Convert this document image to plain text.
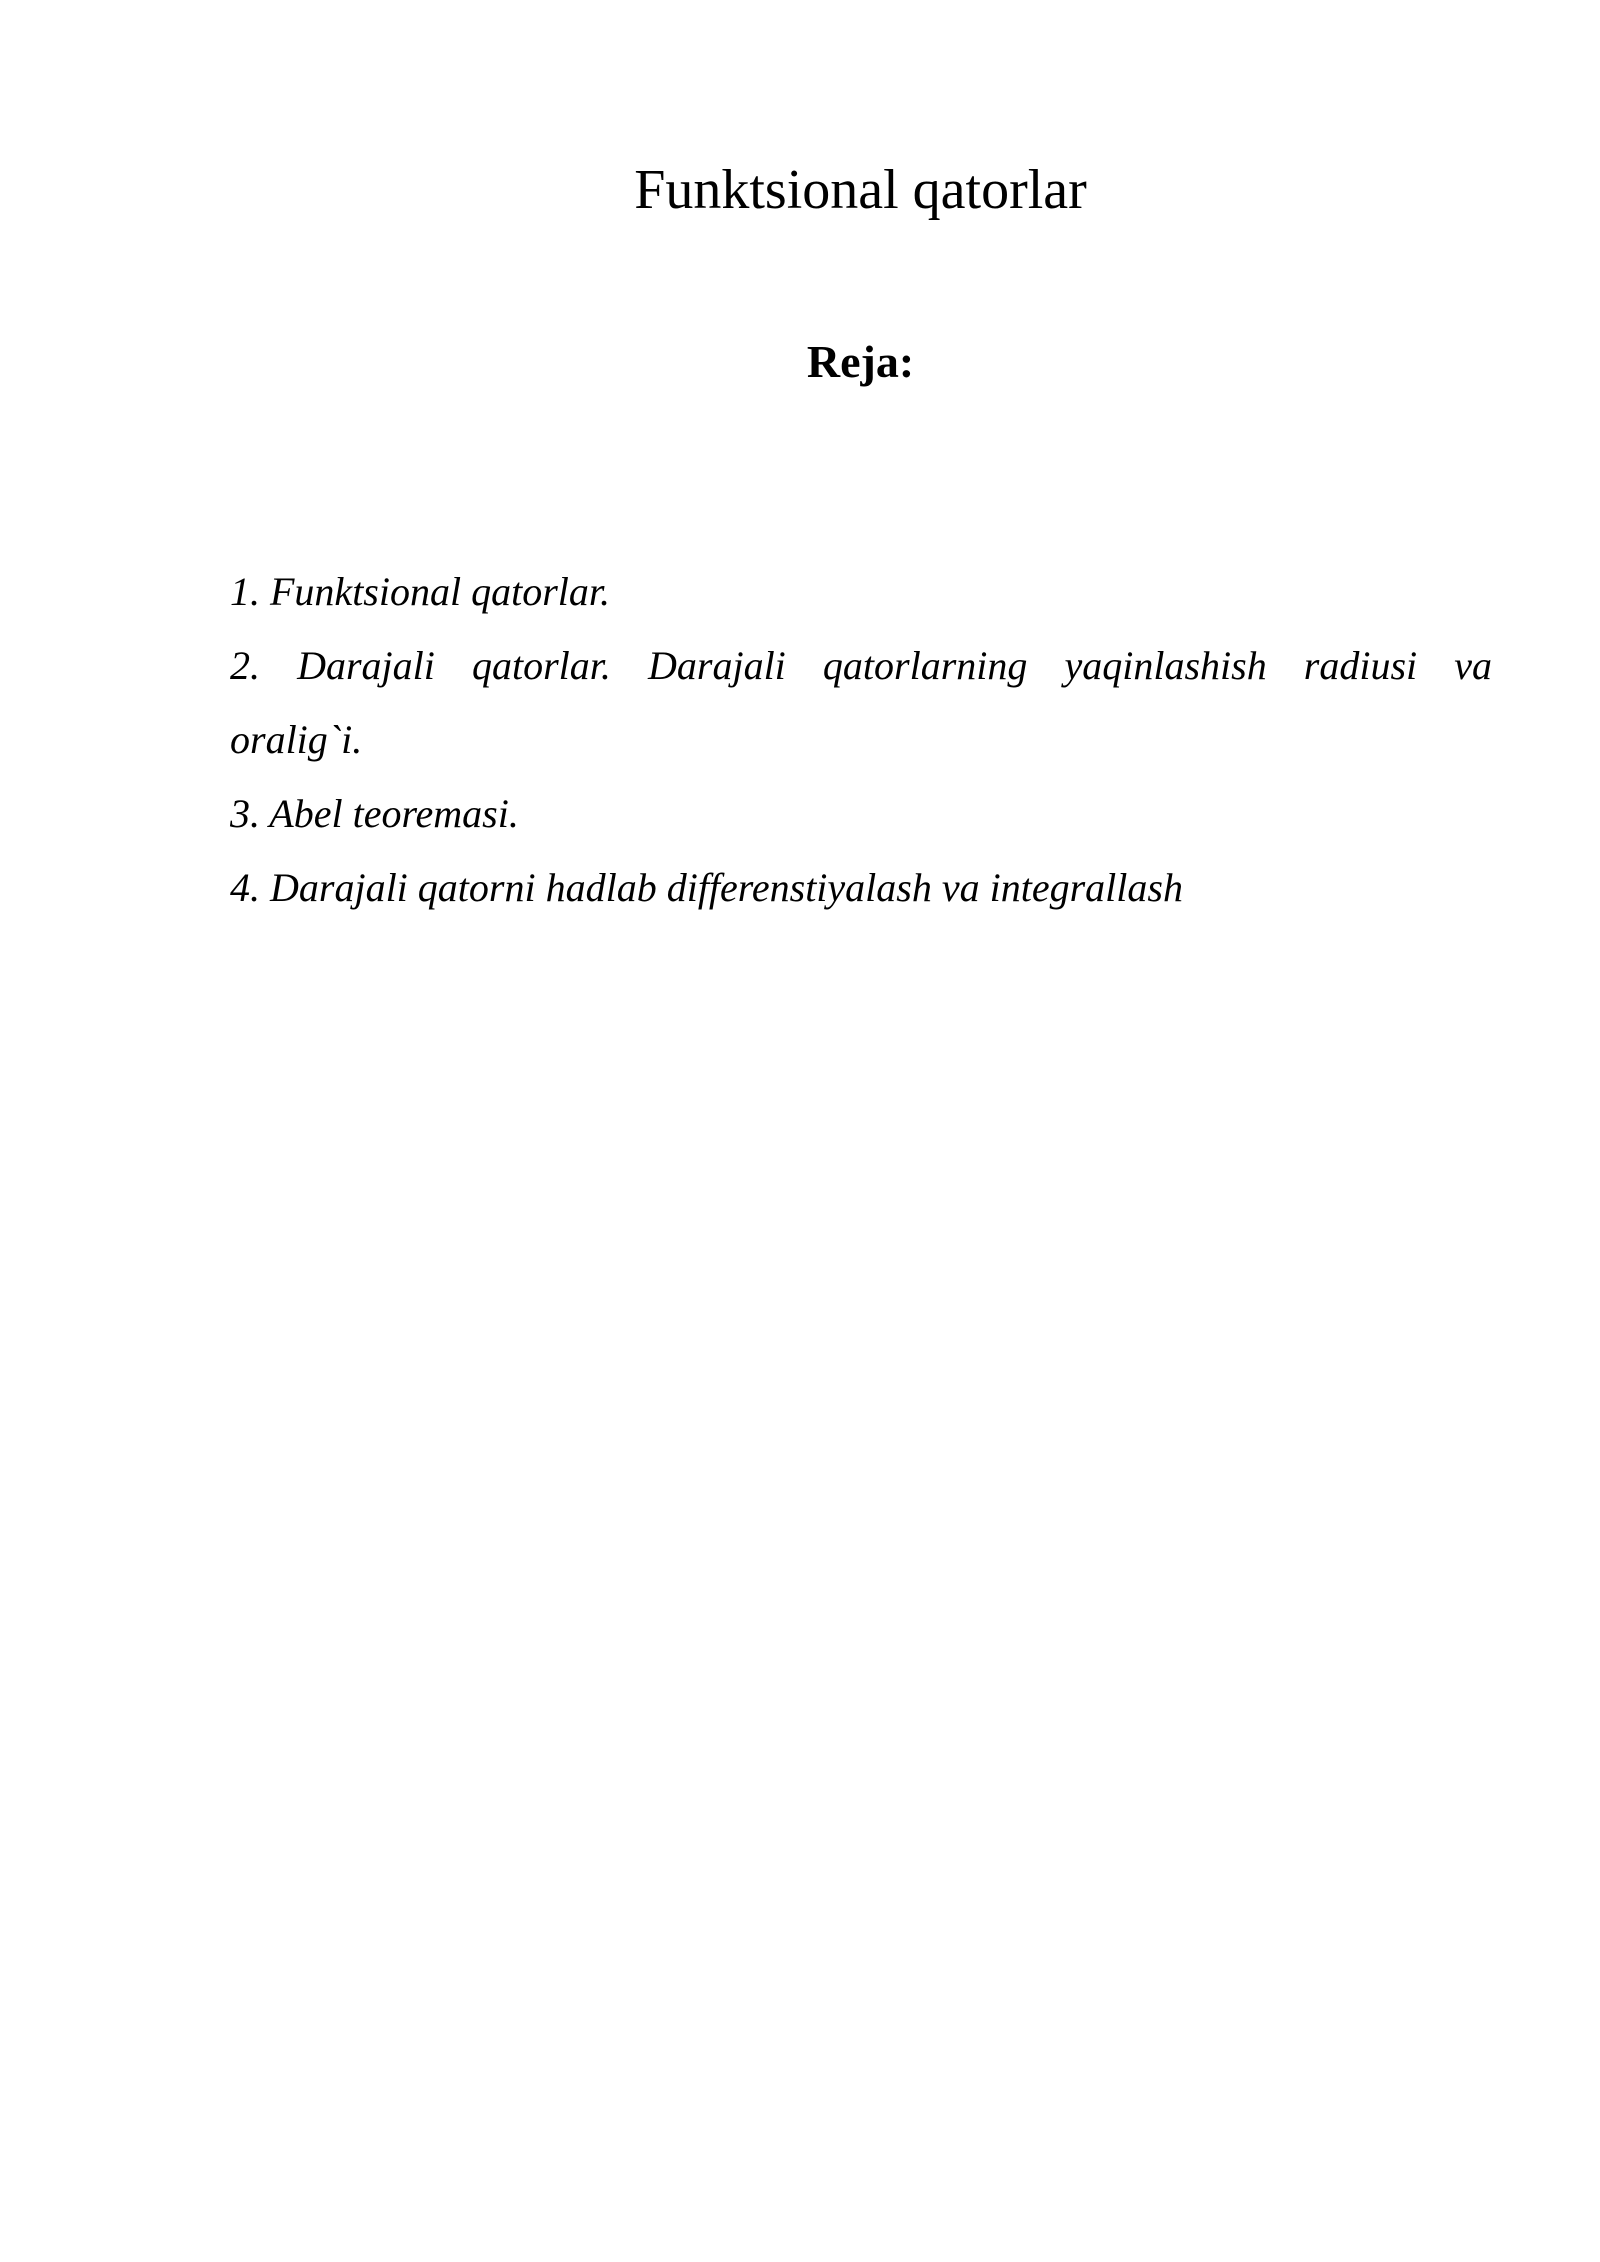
Funktsional qatorlar
Reja:
1. Funktsional qatorlar.
2. Darajali qatorlar. Darajali qatorlarning yaqinlashish radiusi va
oralig`i.
3. Abel teoremasi.
4. Darajali qatorni hadlab differenstiyalash va integrallash
